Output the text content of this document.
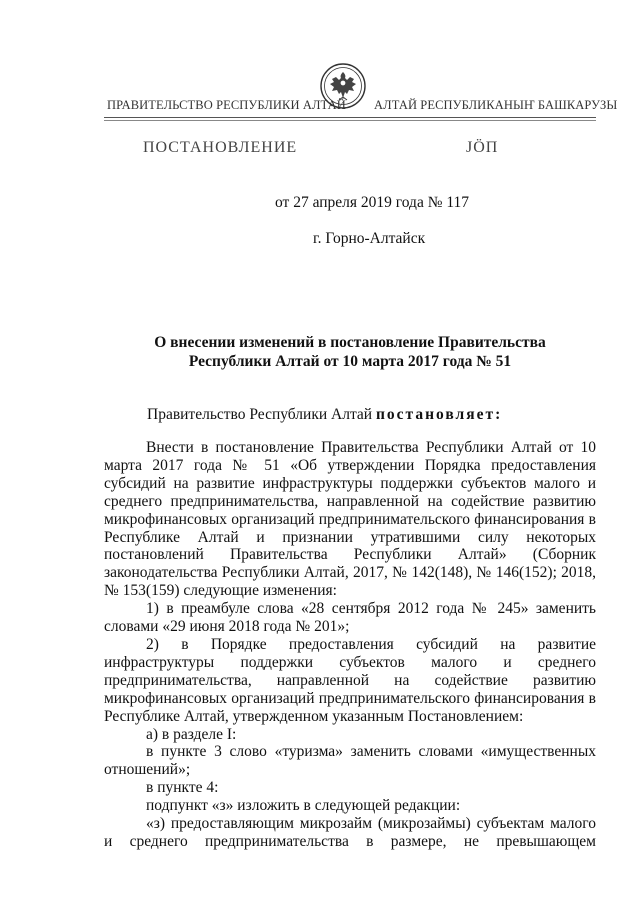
ПРАВИТЕЛЬСТВО РЕСПУБЛИКИ АЛТАЙ АЛТАЙ РЕСПУБЛИКАНЫҤ БАШКАРУЗЫ
ПОСТАНОВЛЕНИЕ	ЈÖП
от 27 апреля 2019 года № 117
г. Горно-Алтайск
О внесении изменений в постановление Правительства
Республики Алтай от 10 марта 2017 года № 51
Правительство Республики Алтай постановляет:

Внести в постановление Правительства Республики Алтай от 10 марта 2017 года № 51 «Об утверждении Порядка предоставления субсидий на развитие инфраструктуры поддержки субъектов малого и среднего предпринимательства, направленной на содействие развитию микрофинансовых организаций предпринимательского финансирования в Республике Алтай и признании утратившими силу некоторых постановлений Правительства Республики Алтай» (Сборник законодательства Республики Алтай, 2017, № 142(148), № 146(152); 2018, № 153(159) следующие изменения:

1) в преамбуле слова «28 сентября 2012 года № 245» заменить словами «29 июня 2018 года № 201»;

2) в Порядке предоставления субсидий на развитие инфраструктуры поддержки субъектов малого и среднего предпринимательства, направленной на содействие развитию микрофинансовых организаций предпринимательского финансирования в Республике Алтай, утвержденном указанным Постановлением:

а) в разделе I:

в пункте 3 слово «туризма» заменить словами «имущественных отношений»;

в пункте 4:

подпункт «з» изложить в следующей редакции:

«з) предоставляющим микрозайм (микрозаймы) субъектам малого и среднего предпринимательства в размере, не превышающем
